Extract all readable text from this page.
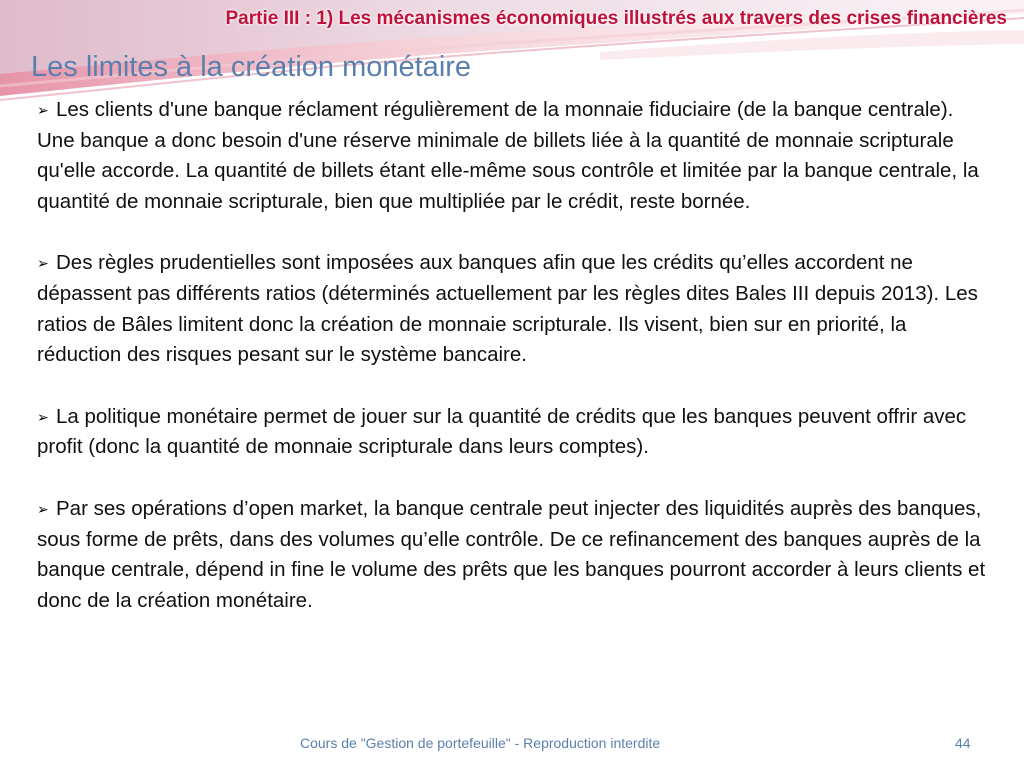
Partie III : 1) Les mécanismes économiques illustrés aux travers des crises financières
Les limites à la création monétaire

➢ Les clients d'une banque réclament régulièrement de la monnaie fiduciaire (de la banque centrale). Une banque a donc besoin d'une réserve minimale de billets liée à la quantité de monnaie scripturale qu'elle accorde. La quantité de billets étant elle-même sous contrôle et limitée par la banque centrale, la quantité de monnaie scripturale, bien que multipliée par le crédit, reste bornée.

➢ Des règles prudentielles sont imposées aux banques afin que les crédits qu’elles accordent ne dépassent pas différents ratios (déterminés actuellement par les règles dites Bales III depuis 2013). Les ratios de Bâles limitent donc la création de monnaie scripturale. Ils visent, bien sur en priorité, la réduction des risques pesant sur le système bancaire.

➢ La politique monétaire permet de jouer sur la quantité de crédits que les banques peuvent offrir avec profit (donc la quantité de monnaie scripturale dans leurs comptes).

➢ Par ses opérations d’open market, la banque centrale peut injecter des liquidités auprès des banques, sous forme de prêts, dans des volumes qu’elle contrôle. De ce refinancement des banques auprès de la banque centrale, dépend in fine le volume des prêts que les banques pourront accorder à leurs clients et donc de la création monétaire.

Cours de "Gestion de portefeuille" - Reproduction interdite	44
